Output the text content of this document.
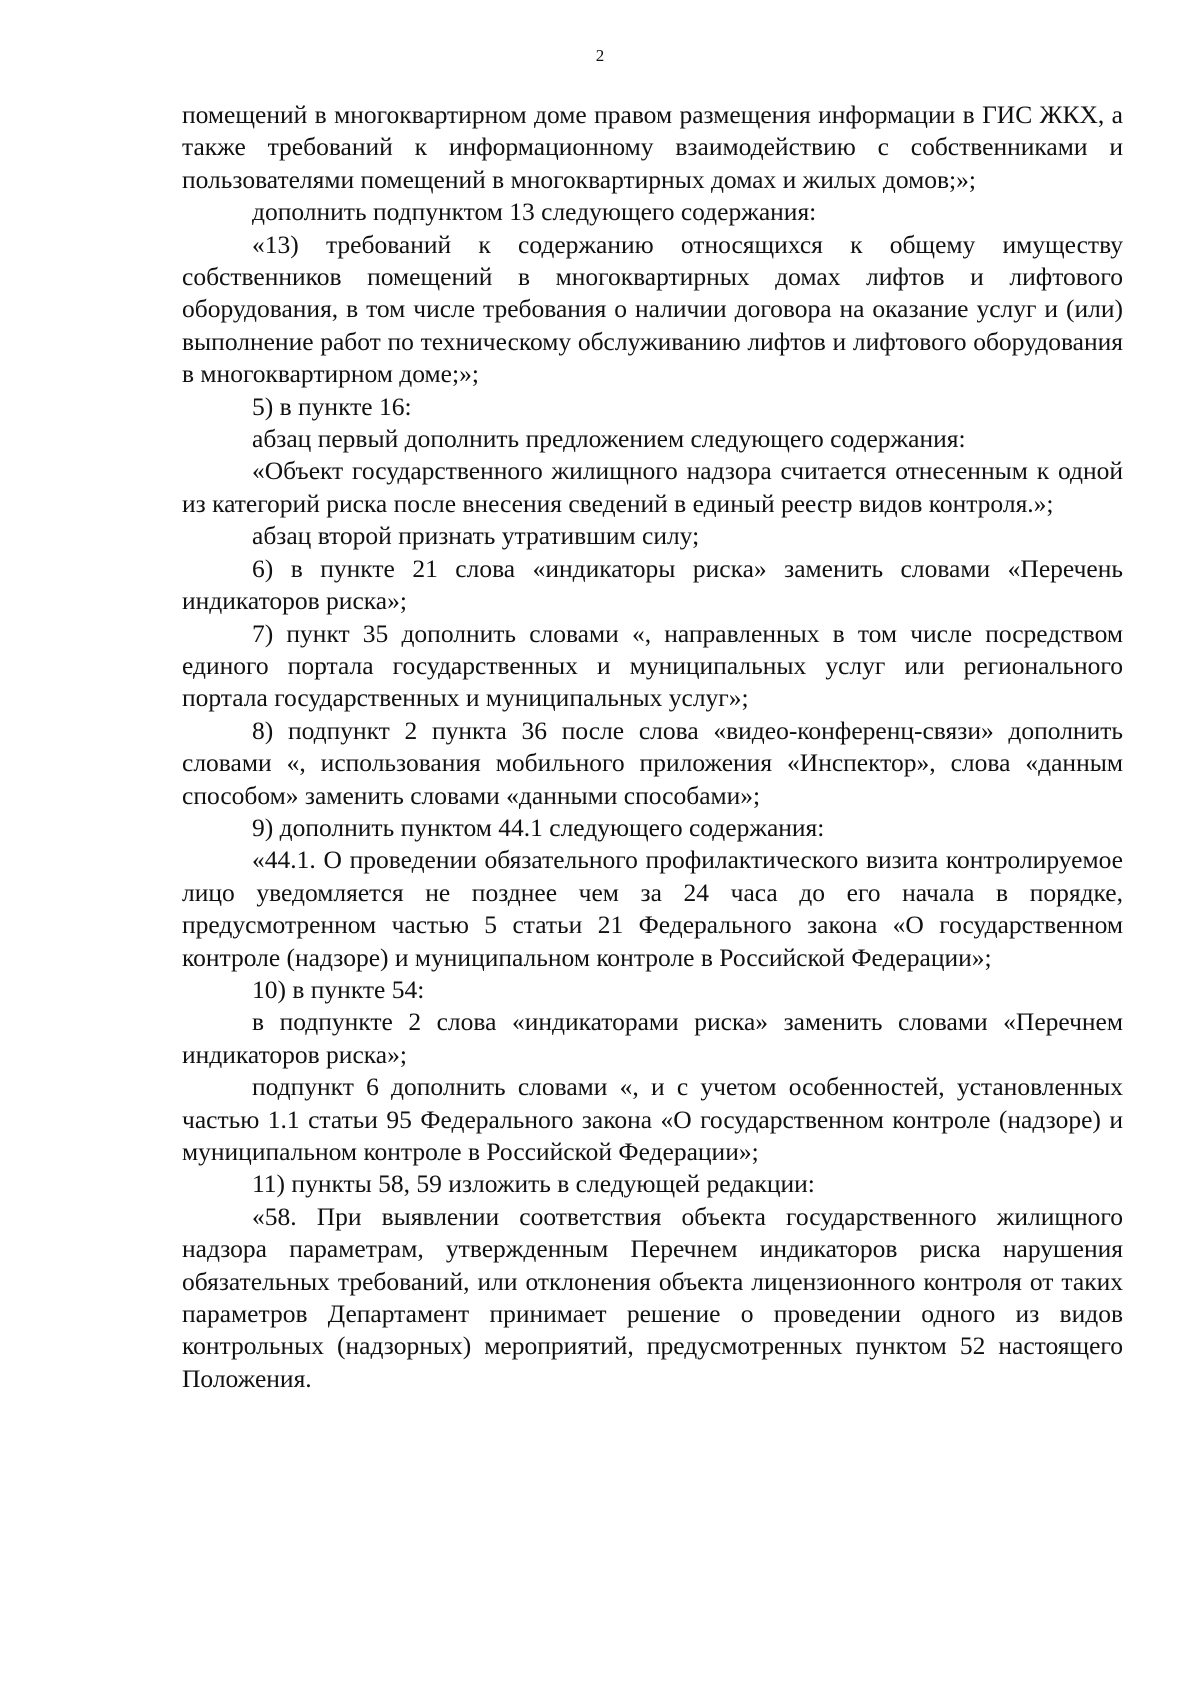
2

помещений в многоквартирном доме правом размещения информации в ГИС ЖКХ, а также требований к информационному взаимодействию с собственниками и пользователями помещений в многоквартирных домах и жилых домов;»;

дополнить подпунктом 13 следующего содержания:

«13) требований к содержанию относящихся к общему имуществу собственников помещений в многоквартирных домах лифтов и лифтового оборудования, в том числе требования о наличии договора на оказание услуг и (или) выполнение работ по техническому обслуживанию лифтов и лифтового оборудования в многоквартирном доме;»;

5) в пункте 16:

абзац первый дополнить предложением следующего содержания:

«Объект государственного жилищного надзора считается отнесенным к одной из категорий риска после внесения сведений в единый реестр видов контроля.»;

абзац второй признать утратившим силу;

6) в пункте 21 слова «индикаторы риска» заменить словами «Перечень индикаторов риска»;

7) пункт 35 дополнить словами «, направленных в том числе посредством единого портала государственных и муниципальных услуг или регионального портала государственных и муниципальных услуг»;

8) подпункт 2 пункта 36 после слова «видео-конференц-связи» дополнить словами «, использования мобильного приложения «Инспектор», слова «данным способом» заменить словами «данными способами»;

9) дополнить пунктом 44.1 следующего содержания:

«44.1. О проведении обязательного профилактического визита контролируемое лицо уведомляется не позднее чем за 24 часа до его начала в порядке, предусмотренном частью 5 статьи 21 Федерального закона «О государственном контроле (надзоре) и муниципальном контроле в Российской Федерации»;

10) в пункте 54:

в подпункте 2 слова «индикаторами риска» заменить словами «Перечнем индикаторов риска»;

подпункт 6 дополнить словами «, и с учетом особенностей, установленных частью 1.1 статьи 95 Федерального закона «О государственном контроле (надзоре) и муниципальном контроле в Российской Федерации»;

11) пункты 58, 59 изложить в следующей редакции:

«58. При выявлении соответствия объекта государственного жилищного надзора параметрам, утвержденным Перечнем индикаторов риска нарушения обязательных требований, или отклонения объекта лицензионного контроля от таких параметров Департамент принимает решение о проведении одного из видов контрольных (надзорных) мероприятий, предусмотренных пунктом 52 настоящего Положения.
